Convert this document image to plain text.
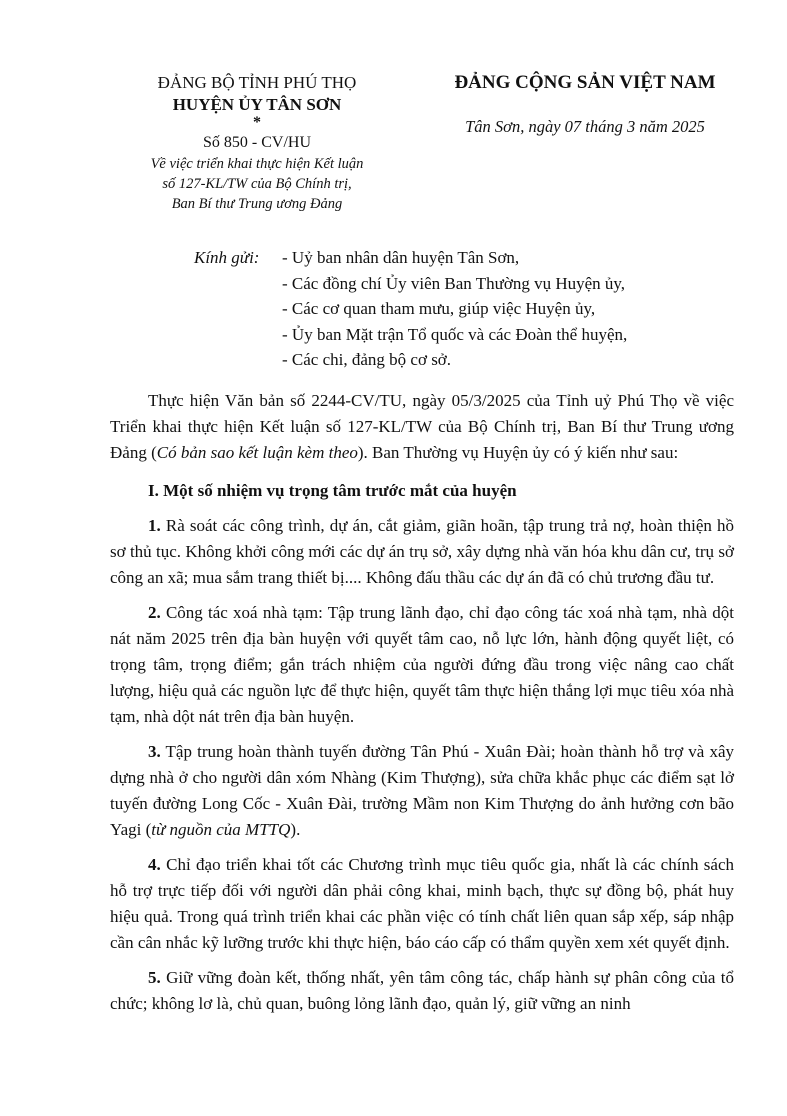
ĐẢNG BỘ TỈNH PHÚ THỌ
HUYỆN ỦY TÂN SƠN
*
Số 850 - CV/HU
Về việc triển khai thực hiện Kết luận
số 127-KL/TW của Bộ Chính trị,
Ban Bí thư Trung ương Đảng
ĐẢNG CỘNG SẢN VIỆT NAM
Tân Sơn, ngày 07 tháng 3 năm 2025
Kính gửi:	- Uỷ ban nhân dân huyện Tân Sơn,
- Các đồng chí Ủy viên Ban Thường vụ Huyện ủy,
- Các cơ quan tham mưu, giúp việc Huyện ủy,
- Ủy ban Mặt trận Tổ quốc và các Đoàn thể huyện,
- Các chi, đảng bộ cơ sở.

Thực hiện Văn bản số 2244-CV/TU, ngày 05/3/2025 của Tỉnh uỷ Phú Thọ về việc Triển khai thực hiện Kết luận số 127-KL/TW của Bộ Chính trị, Ban Bí thư Trung ương Đảng (Có bản sao kết luận kèm theo). Ban Thường vụ Huyện ủy có ý kiến như sau:

I. Một số nhiệm vụ trọng tâm trước mắt của huyện

1. Rà soát các công trình, dự án, cắt giảm, giãn hoãn, tập trung trả nợ, hoàn thiện hồ sơ thủ tục. Không khởi công mới các dự án trụ sở, xây dựng nhà văn hóa khu dân cư, trụ sở công an xã; mua sắm trang thiết bị.... Không đấu thầu các dự án đã có chủ trương đầu tư.

2. Công tác xoá nhà tạm: Tập trung lãnh đạo, chỉ đạo công tác xoá nhà tạm, nhà dột nát năm 2025 trên địa bàn huyện với quyết tâm cao, nỗ lực lớn, hành động quyết liệt, có trọng tâm, trọng điểm; gắn trách nhiệm của người đứng đầu trong việc nâng cao chất lượng, hiệu quả các nguồn lực để thực hiện, quyết tâm thực hiện thắng lợi mục tiêu xóa nhà tạm, nhà dột nát trên địa bàn huyện.

3. Tập trung hoàn thành tuyến đường Tân Phú - Xuân Đài; hoàn thành hỗ trợ và xây dựng nhà ở cho người dân xóm Nhàng (Kim Thượng), sửa chữa khắc phục các điểm sạt lở tuyến đường Long Cốc - Xuân Đài, trường Mầm non Kim Thượng do ảnh hưởng cơn bão Yagi (từ nguồn của MTTQ).

4. Chỉ đạo triển khai tốt các Chương trình mục tiêu quốc gia, nhất là các chính sách hỗ trợ trực tiếp đối với người dân phải công khai, minh bạch, thực sự đồng bộ, phát huy hiệu quả. Trong quá trình triển khai các phần việc có tính chất liên quan sắp xếp, sáp nhập cần cân nhắc kỹ lưỡng trước khi thực hiện, báo cáo cấp có thẩm quyền xem xét quyết định.

5. Giữ vững đoàn kết, thống nhất, yên tâm công tác, chấp hành sự phân công của tổ chức; không lơ là, chủ quan, buông lỏng lãnh đạo, quản lý, giữ vững an ninh
